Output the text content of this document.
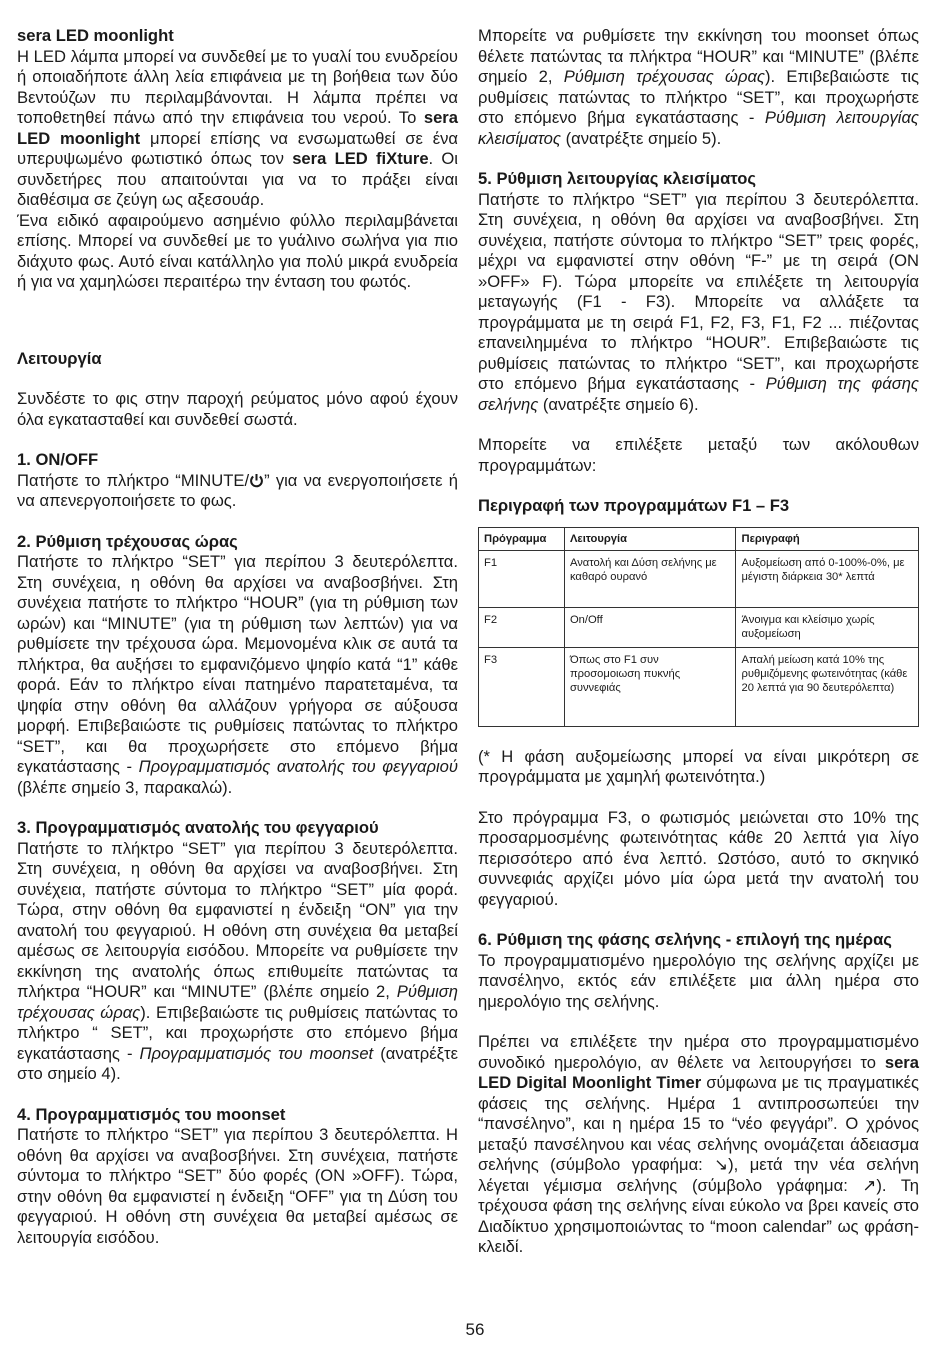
sera LED moonlight

Η LED λάμπα μπορεί να συνδεθεί με το γυαλί του ενυδρείου ή οποιαδήποτε άλλη λεία επιφάνεια με τη βοήθεια των δύο Βεντούζων πυ περιλαμβάνονται. Η λάμπα πρέπει να τοποθετηθεί πάνω από την επιφάνεια του νερού. Το sera LED moonlight μπορεί επίσης να ενσωματωθεί σε ένα υπερυψωμένο φωτιστικό όπως τον sera LED fiXture. Οι συνδετήρες που απαιτούνται για να το πράξει είναι διαθέσιμα σε ζεύγη ως αξεσουάρ.

Ένα ειδικό αφαιρούμενο ασημένιο φύλλο περιλαμβάνεται επίσης. Μπορεί να συνδεθεί με το γυάλινο σωλήνα για πιο διάχυτο φως. Αυτό είναι κατάλληλο για πολύ μικρά ενυδρεία ή για να χαμηλώσει περαιτέρω την ένταση του φωτός.

Λειτουργία

Συνδέστε το φις στην παροχή ρεύματος μόνο αφού έχουν όλα εγκατασταθεί και συνδεθεί σωστά.

1. ON/OFF

Πατήστε το πλήκτρο “MINUTE/ ” για να ενεργοποιήσετε ή να απενεργοποιήσετε το φως.

2. Ρύθμιση τρέχουσας ώρας

Πατήστε το πλήκτρο “SET” για περίπου 3 δευτερόλεπτα. Στη συνέχεια, η οθόνη θα αρχίσει να αναβοσβήνει. Στη συνέχεια πατήστε το πλήκτρο “HOUR” (για τη ρύθμιση των ωρών) και “MINUTE” (για τη ρύθμιση των λεπτών) για να ρυθμίσετε την τρέχουσα ώρα. Μεμονομένα κλικ σε αυτά τα πλήκτρα, θα αυξήσει το εμφανιζόμενο ψηφίο κατά “1” κάθε φορά. Εάν το πλήκτρο είναι πατημένο παρατεταμένα, τα ψηφία στην οθόνη θα αλλάζουν γρήγορα σε αύξουσα μορφή. Επιβεβαιώστε τις ρυθμίσεις πατώντας το πλήκτρο “SET”, και θα προχωρήσετε στο επόμενο βήμα εγκατάστασης - Προγραμματισμός ανατολής του φεγγαριού (βλέπε σημείο 3, παρακαλώ).

3. Προγραμματισμός ανατολής του φεγγαριού

Πατήστε το πλήκτρο “SET” για περίπου 3 δευτερόλεπτα. Στη συνέχεια, η οθόνη θα αρχίσει να αναβοσβήνει. Στη συνέχεια, πατήστε σύντομα το πλήκτρο “SET” μία φορά. Τώρα, στην οθόνη θα εμφανιστεί η ένδειξη “ON” για την ανατολή του φεγγαριού. Η οθόνη στη συνέχεια θα μεταβεί αμέσως σε λειτουργία εισόδου. Μπορείτε να ρυθμίσετε την εκκίνηση της ανατολής όπως επιθυμείτε πατώντας τα πλήκτρα “HOUR” και “MINUTE” (βλέπε σημείο 2, Ρύθμιση τρέχουσας ώρας). Επιβεβαιώστε τις ρυθμίσεις πατώντας το πλήκτρο “ SET”, και προχωρήστε στο επόμενο βήμα εγκατάστασης - Προγραμματισμός του moonset (ανατρέξτε στο σημείο 4).

4. Προγραμματισμός του moonset

Πατήστε το πλήκτρο “SET” για περίπου 3 δευτερόλεπτα. Η οθόνη θα αρχίσει να αναβοσβήνει. Στη συνέχεια, πατήστε σύντομα το πλήκτρο “SET” δύο φορές (ON »OFF). Τώρα, στην οθόνη θα εμφανιστεί η ένδειξη “OFF” για τη Δύση του φεγγαριού. Η οθόνη στη συνέχεια θα μεταβεί αμέσως σε λειτουργία εισόδου.

Μπορείτε να ρυθμίσετε την εκκίνηση του moonset όπως θέλετε πατώντας τα πλήκτρα “HOUR” και “MINUTE” (βλέπε σημείο 2, Ρύθμιση τρέχουσας ώρας). Επιβεβαιώστε τις ρυθμίσεις πατώντας το πλήκτρο “SET”, και προχωρήστε στο επόμενο βήμα εγκατάστασης - Ρύθμιση λειτουργίας κλεισίματος (ανατρέξτε σημείο 5).

5. Ρύθμιση λειτουργίας κλεισίματος

Πατήστε το πλήκτρο “SET” για περίπου 3 δευτερόλεπτα. Στη συνέχεια, η οθόνη θα αρχίσει να αναβοσβήνει. Στη συνέχεια, πατήστε σύντομα το πλήκτρο “SET” τρεις φορές, μέχρι να εμφανιστεί στην οθόνη “F-” με τη σειρά (ON »OFF» F). Τώρα μπορείτε να επιλέξετε τη λειτουργία μεταγωγής (F1 - F3). Μπορείτε να αλλάξετε τα προγράμματα με τη σειρά F1, F2, F3, F1, F2 ... πιέζοντας επανειλημμένα το πλήκτρο “HOUR”. Επιβεβαιώστε τις ρυθμίσεις πατώντας το πλήκτρο “SET”, και προχωρήστε στο επόμενο βήμα εγκατάστασης - Ρύθμιση της φάσης σελήνης (ανατρέξτε σημείο 6).

Μπορείτε να επιλέξετε μεταξύ των ακόλουθων προγραμμάτων:

Περιγραφή των προγραμμάτων F1 – F3

Πρόγραμμα	Λειτουργία	Περιγραφή
F1	Ανατολή και Δύση σελήνης με καθαρό ουρανό	Αυξομείωση από 0-100%-0%, με μέγιστη διάρκεια 30* λεπτά
F2	On/Off	Άνοιγμα και κλείσιμο χωρίς αυξομείωση
F3	Όπως στο F1 συν προσομοιωση πυκνής συννεφιάς	Απαλή μείωση κατά 10% της ρυθμιζόμενης φωτεινότητας (κάθε 20 λεπτά για 90 δευτερόλεπτα)

(* Η φάση αυξομείωσης μπορεί να είναι μικρότερη σε προγράμματα με χαμηλή φωτεινότητα.)

Στο πρόγραμμα F3, ο φωτισμός μειώνεται στο 10% της προσαρμοσμένης φωτεινότητας κάθε 20 λεπτά για λίγο περισσότερο από ένα λεπτό. Ωστόσο, αυτό το σκηνικό συννεφιάς αρχίζει μόνο μία ώρα μετά την ανατολή του φεγγαριού.

6. Ρύθμιση της φάσης σελήνης - επιλογή της ημέρας

Το προγραμματισμένο ημερολόγιο της σελήνης αρχίζει με πανσέληνο, εκτός εάν επιλέξετε μια άλλη ημέρα στο ημερολόγιο της σελήνης.

Πρέπει να επιλέξετε την ημέρα στο προγραμματισμένο συνοδικό ημερολόγιο, αν θέλετε να λειτουργήσει το sera LED Digital Moonlight Timer σύμφωνα με τις πραγματικές φάσεις της σελήνης. Ημέρα 1 αντιπροσωπεύει την “πανσέληνο”, και η ημέρα 15 το “νέο φεγγάρι”. Ο χρόνος μεταξύ πανσέληνου και νέας σελήνης ονομάζεται άδειασμα σελήνης (σύμβολο γραφήμα: ↘), μετά την νέα σελήνη λέγεται γέμισμα σελήνης (σύμβολο γράφημα: ↗). Τη τρέχουσα φάση της σελήνης είναι εύκολο να βρει κανείς στο Διαδίκτυο χρησιμοποιώντας το “moon calendar” ως φράση-κλειδί.

56
